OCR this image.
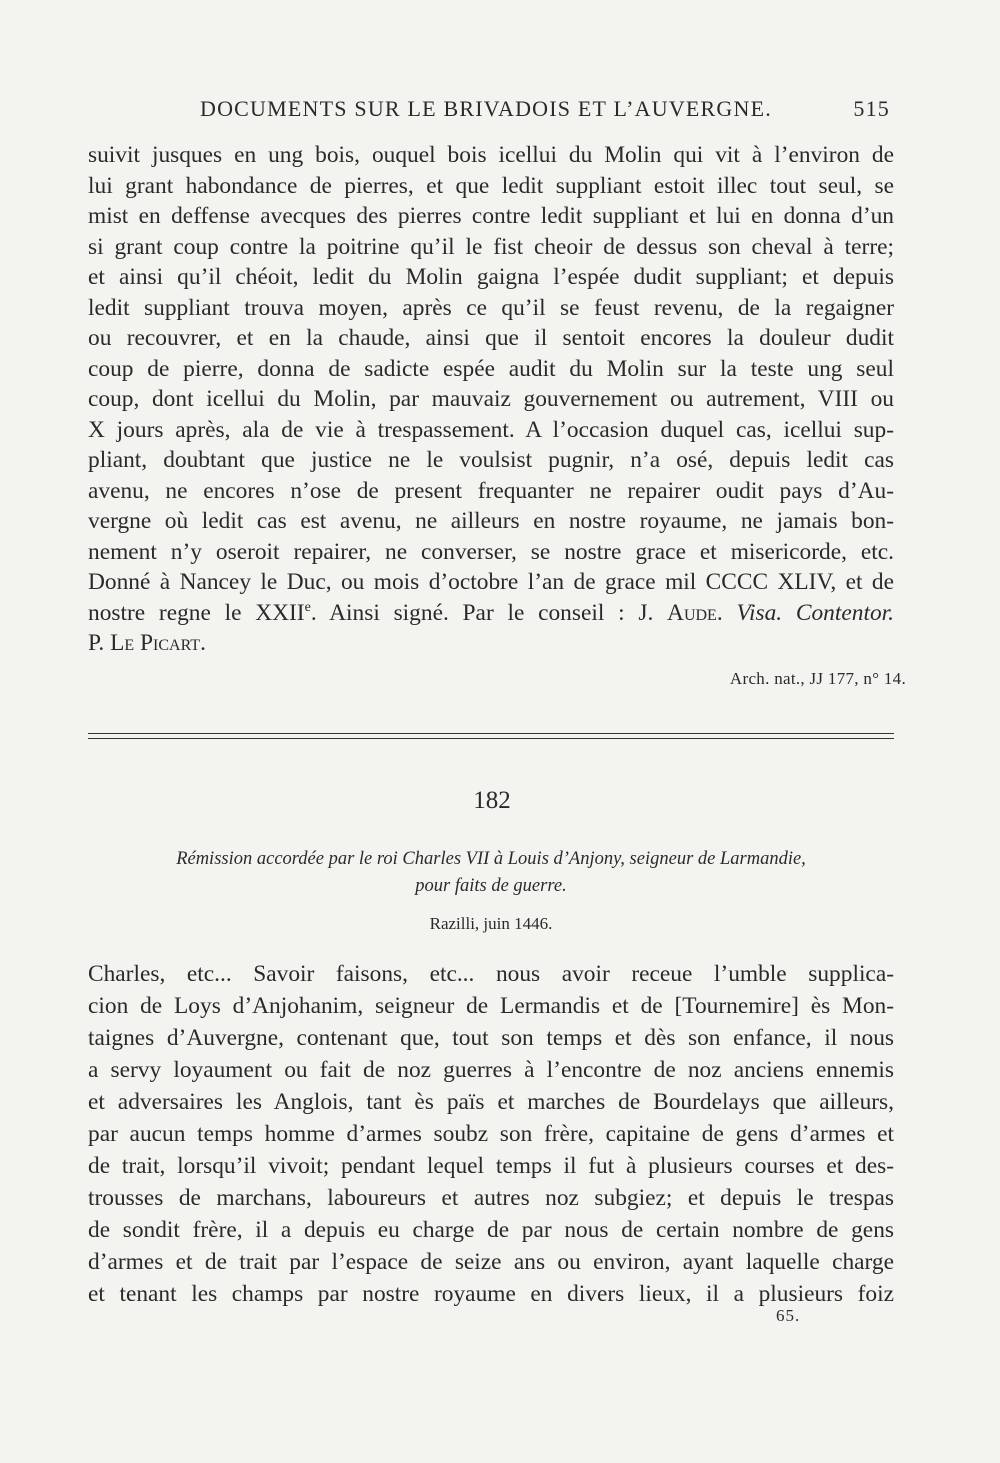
DOCUMENTS SUR LE BRIVADOIS ET L’AUVERGNE.	515
suivit jusques en ung bois, ouquel bois icellui du Molin qui vit à l’environ de
lui grant habondance de pierres, et que ledit suppliant estoit illec tout seul, se
mist en deffense avecques des pierres contre ledit suppliant et lui en donna d’un
si grant coup contre la poitrine qu’il le fist cheoir de dessus son cheval à terre;
et ainsi qu’il chéoit, ledit du Molin gaigna l’espée dudit suppliant; et depuis
ledit suppliant trouva moyen, après ce qu’il se feust revenu, de la regaigner
ou recouvrer, et en la chaude, ainsi que il sentoit encores la douleur dudit
coup de pierre, donna de sadicte espée audit du Molin sur la teste ung seul
coup, dont icellui du Molin, par mauvaiz gouvernement ou autrement, VIII ou
X jours après, ala de vie à trespassement. A l’occasion duquel cas, icellui sup-
pliant, doubtant que justice ne le voulsist pugnir, n’a osé, depuis ledit cas
avenu, ne encores n’ose de present frequanter ne repairer oudit pays d’Au-
vergne où ledit cas est avenu, ne ailleurs en nostre royaume, ne jamais bon-
nement n’y oseroit repairer, ne converser, se nostre grace et misericorde, etc.
Donné à Nancey le Duc, ou mois d’octobre l’an de grace mil CCCC XLIV, et de
nostre regne le XXIIe. Ainsi signé. Par le conseil : J. Aude. Visa. Contentor.
P. Le Picart.
Arch. nat., JJ 177, n° 14.
182
Rémission accordée par le roi Charles VII à Louis d’Anjony, seigneur de Larmandie,
pour faits de guerre.
Razilli, juin 1446.
Charles, etc... Savoir faisons, etc... nous avoir receue l’umble supplica-
cion de Loys d’Anjohanim, seigneur de Lermandis et de [Tournemire] ès Mon-
taignes d’Auvergne, contenant que, tout son temps et dès son enfance, il nous
a servy loyaument ou fait de noz guerres à l’encontre de noz anciens ennemis
et adversaires les Anglois, tant ès païs et marches de Bourdelays que ailleurs,
par aucun temps homme d’armes soubz son frère, capitaine de gens d’armes et
de trait, lorsqu’il vivoit; pendant lequel temps il fut à plusieurs courses et des-
trousses de marchans, laboureurs et autres noz subgiez; et depuis le trespas
de sondit frère, il a depuis eu charge de par nous de certain nombre de gens
d’armes et de trait par l’espace de seize ans ou environ, ayant laquelle charge
et tenant les champs par nostre royaume en divers lieux, il a plusieurs foiz
65.
